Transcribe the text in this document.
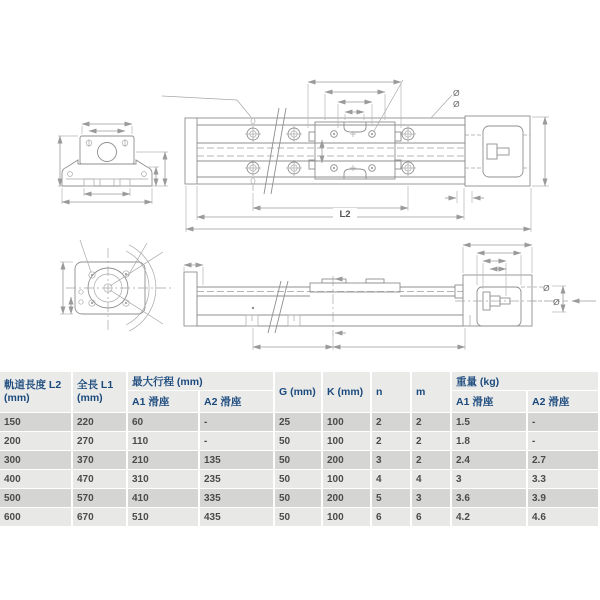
Ø
Ø
L2
Ø
Ø
軌道長度 L2
(mm)	全長 L1
(mm)	最大行程 (mm)		G (mm)	K (mm)	n	m	重量 (kg)	
		A1 滑座	A2 滑座					A1 滑座	A2 滑座
150	220	60	-	25	100	2	2	1.5	-
200	270	110	-	50	100	2	2	1.8	-
300	370	210	135	50	200	3	2	2.4	2.7
400	470	310	235	50	100	4	4	3	3.3
500	570	410	335	50	200	5	3	3.6	3.9
600	670	510	435	50	100	6	6	4.2	4.6
